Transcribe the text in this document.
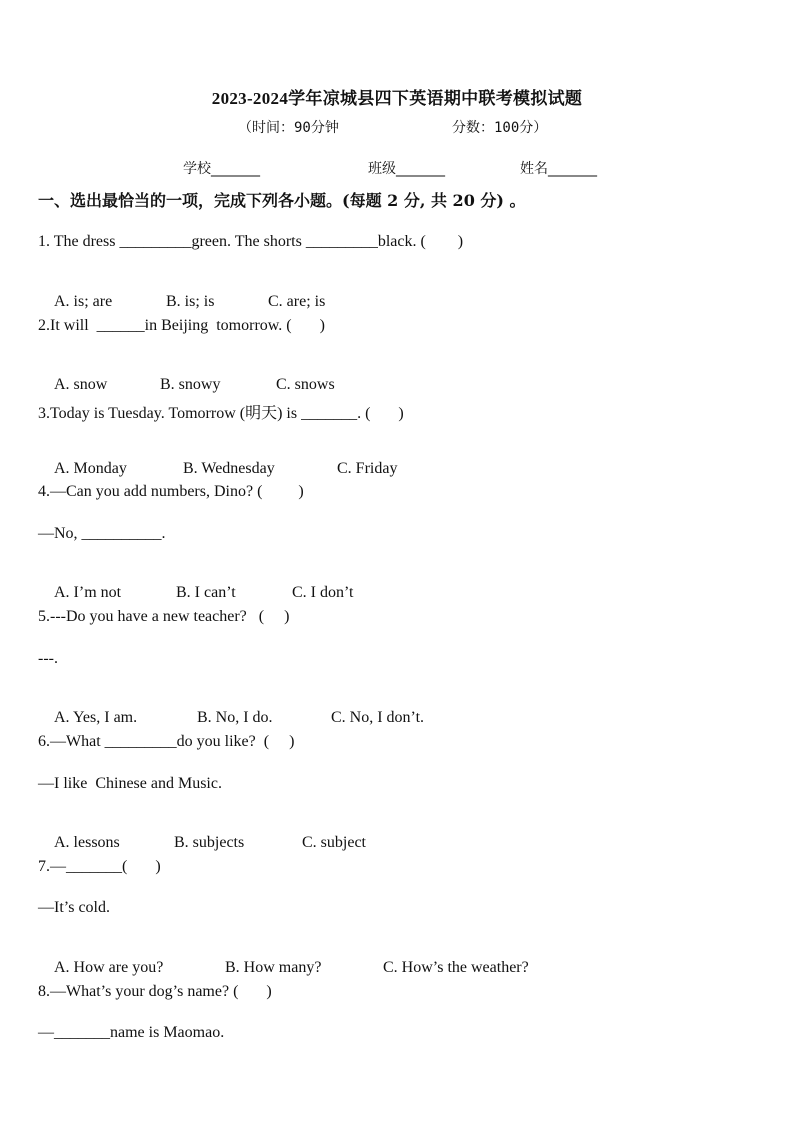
2023-2024学年凉城县四下英语期中联考模拟试题
（时间：90分钟	分数：100分）
学校_______	班级_______	姓名_______
一、选出最恰当的一项，完成下列各小题。(每题 2 分, 共 20 分) 。
1. The dress _________green. The shorts _________black. (        )

A. is; are	B. is; is	C. are; is

2.It will  ______in Beijing  tomorrow. (       )

A. snow	B. snowy	C. snows

3.Today is Tuesday. Tomorrow (明天) is _______. (       )

A. Monday	B. Wednesday	C. Friday

4.—Can you add numbers, Dino? (         )
—No, __________.

A. I’m not	B. I can’t	C. I don’t

5.---Do you have a new teacher?   (     )
---.

A. Yes, I am.	B. No, I do.	C. No, I don’t.

6.—What _________do you like?  (     )
—I like  Chinese and Music.

A. lessons	B. subjects	C. subject

7.—_______(       )
—It’s cold.

A. How are you?	B. How many?	C. How’s the weather?

8.—What’s your dog’s name? (       )
—_______name is Maomao.
